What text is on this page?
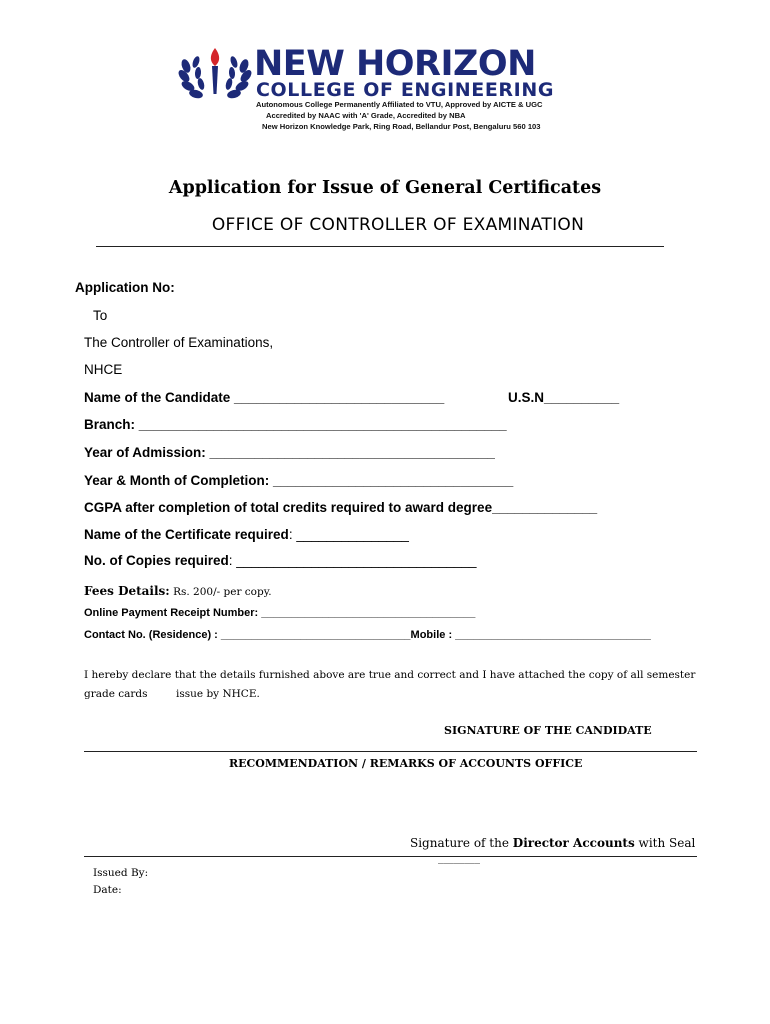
NEW HORIZON
COLLEGE OF ENGINEERING
Autonomous College Permanently Affiliated to VTU, Approved by AICTE & UGC
Accredited by NAAC with 'A' Grade, Accredited by NBA
New Horizon Knowledge Park, Ring Road, Bellandur Post, Bengaluru 560 103
Application for Issue of General Certificates
OFFICE OF CONTROLLER OF EXAMINATION
Application No:
To
The Controller of Examinations,
NHCE
Name of the Candidate ____________________________	U.S.N__________
Branch: _________________________________________________
Year of Admission: ______________________________________
Year & Month of Completion: ________________________________
CGPA after completion of total credits required to award degree______________
Name of the Certificate required: _______________
No. of Copies required: ________________________________
Fees Details: Rs. 200/- per copy.
Online Payment Receipt Number: ___________________________________
Contact No. (Residence) : _______________________________Mobile : ________________________________
I hereby declare that the details furnished above are true and correct and I have attached the copy of all semester
grade cards	issue by NHCE.
SIGNATURE OF THE CANDIDATE
RECOMMENDATION / REMARKS OF ACCOUNTS OFFICE
Signature of the Director Accounts with Seal
________
Issued By:
Date:
